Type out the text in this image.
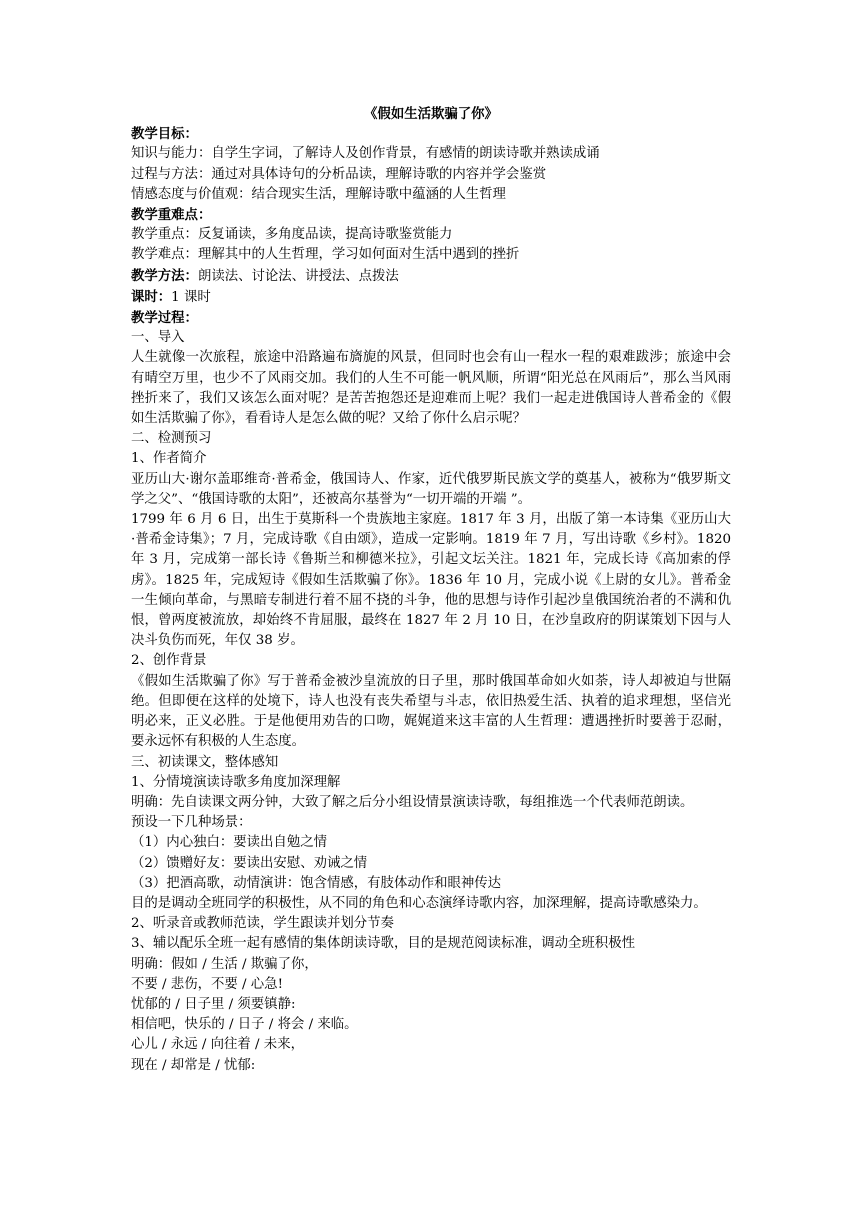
《假如生活欺骗了你》

教学目标：

知识与能力：自学生字词，了解诗人及创作背景，有感情的朗读诗歌并熟读成诵

过程与方法：通过对具体诗句的分析品读，理解诗歌的内容并学会鉴赏

情感态度与价值观：结合现实生活，理解诗歌中蕴涵的人生哲理

教学重难点：

教学重点：反复诵读，多角度品读，提高诗歌鉴赏能力

教学难点：理解其中的人生哲理，学习如何面对生活中遇到的挫折

教学方法：朗读法、讨论法、讲授法、点拨法

课时：1 课时

教学过程：

一、导入

人生就像一次旅程，旅途中沿路遍布旖旎的风景，但同时也会有山一程水一程的艰难跋涉；旅途中会有晴空万里，也少不了风雨交加。我们的人生不可能一帆风顺，所谓“阳光总在风雨后”，那么当风雨挫折来了，我们又该怎么面对呢？是苦苦抱怨还是迎难而上呢？我们一起走进俄国诗人普希金的《假如生活欺骗了你》，看看诗人是怎么做的呢？又给了你什么启示呢？

二、检测预习

1、作者简介

亚历山大·谢尔盖耶维奇·普希金，俄国诗人、作家，近代俄罗斯民族文学的奠基人，被称为“俄罗斯文学之父”、“俄国诗歌的太阳”，还被高尔基誉为“一切开端的开端 ”。

1799 年 6 月 6 日，出生于莫斯科一个贵族地主家庭。1817 年 3 月，出版了第一本诗集《亚历山大·普希金诗集》；7 月，完成诗歌《自由颂》，造成一定影响。1819 年 7 月，写出诗歌《乡村》。1820 年 3 月，完成第一部长诗《鲁斯兰和柳德米拉》，引起文坛关注。1821 年，完成长诗《高加索的俘虏》。1825 年，完成短诗《假如生活欺骗了你》。1836 年 10 月，完成小说《上尉的女儿》。普希金一生倾向革命，与黑暗专制进行着不屈不挠的斗争，他的思想与诗作引起沙皇俄国统治者的不满和仇恨，曾两度被流放，却始终不肯屈服，最终在 1827 年 2 月 10 日，在沙皇政府的阴谋策划下因与人决斗负伤而死，年仅 38 岁。

2、创作背景

《假如生活欺骗了你》写于普希金被沙皇流放的日子里，那时俄国革命如火如荼，诗人却被迫与世隔绝。但即便在这样的处境下，诗人也没有丧失希望与斗志，依旧热爱生活、执着的追求理想，坚信光明必来，正义必胜。于是他便用劝告的口吻，娓娓道来这丰富的人生哲理：遭遇挫折时要善于忍耐，要永远怀有积极的人生态度。

三、初读课文，整体感知

1、分情境演读诗歌多角度加深理解

明确：先自读课文两分钟，大致了解之后分小组设情景演读诗歌，每组推选一个代表师范朗读。

预设一下几种场景：

（1）内心独白：要读出自勉之情

（2）馈赠好友：要读出安慰、劝诫之情

（3）把酒高歌，动情演讲：饱含情感，有肢体动作和眼神传达

目的是调动全班同学的积极性，从不同的角色和心态演绎诗歌内容，加深理解，提高诗歌感染力。

2、听录音或教师范读，学生跟读并划分节奏

3、辅以配乐全班一起有感情的集体朗读诗歌，目的是规范阅读标准，调动全班积极性

明确：假如 / 生活 / 欺骗了你，

不要 / 悲伤，不要 / 心急!

忧郁的 / 日子里 / 须要镇静:

相信吧，快乐的 / 日子 / 将会 / 来临。

心儿 / 永远 / 向往着 / 未来，

现在 / 却常是 / 忧郁:
